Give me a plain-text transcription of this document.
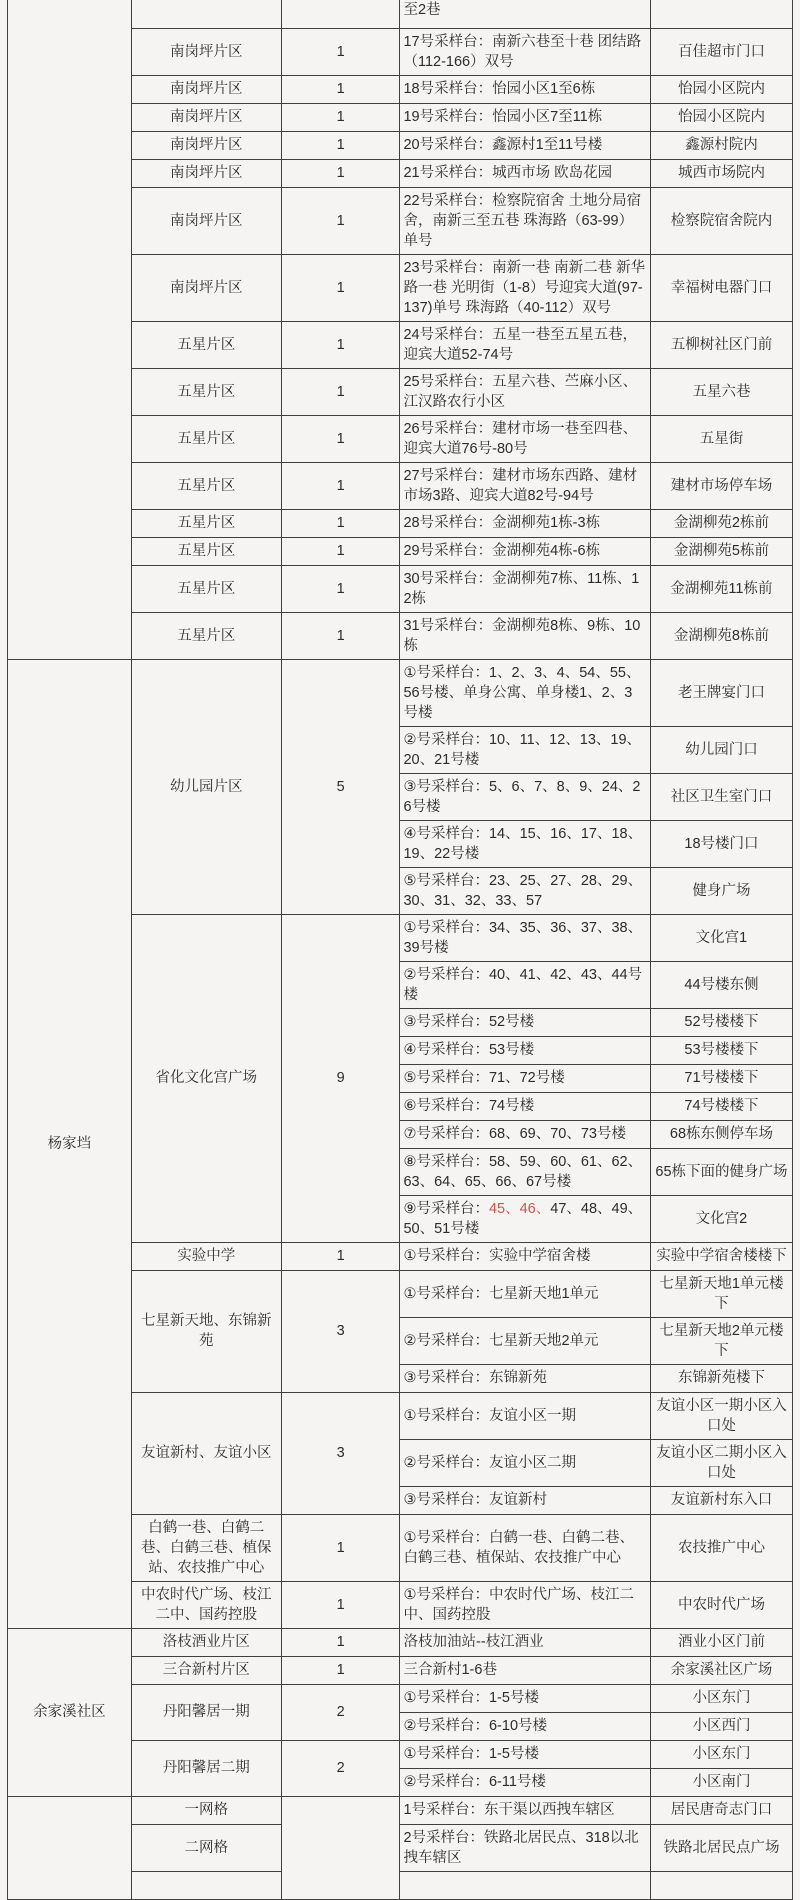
			至2巷	
	南岗坪片区	1	17号采样台：南新六巷至十巷 团结路（112-166）双号	百佳超市门口
	南岗坪片区	1	18号采样台：怡园小区1至6栋	怡园小区院内
	南岗坪片区	1	19号采样台：怡园小区7至11栋	怡园小区院内
	南岗坪片区	1	20号采样台：鑫源村1至11号楼	鑫源村院内
	南岗坪片区	1	21号采样台：城西市场 欧岛花园	城西市场院内
	南岗坪片区	1	22号采样台：检察院宿舍 土地分局宿舍，南新三至五巷 珠海路（63-99）单号	检察院宿舍院内
	南岗坪片区	1	23号采样台：南新一巷 南新二巷 新华路一巷 光明街（1-8）号迎宾大道(97-137)单号 珠海路（40-112）双号	幸福树电器门口
	五星片区	1	24号采样台：五星一巷至五星五巷，迎宾大道52-74号	五柳树社区门前
	五星片区	1	25号采样台：五星六巷、苎麻小区、江汉路农行小区	五星六巷
	五星片区	1	26号采样台：建材市场一巷至四巷、迎宾大道76号-80号	五星街
	五星片区	1	27号采样台：建材市场东西路、建材市场3路、迎宾大道82号-94号	建材市场停车场
	五星片区	1	28号采样台：金湖柳苑1栋-3栋	金湖柳苑2栋前
	五星片区	1	29号采样台：金湖柳苑4栋-6栋	金湖柳苑5栋前
	五星片区	1	30号采样台：金湖柳苑7栋、11栋、12栋	金湖柳苑11栋前
	五星片区	1	31号采样台：金湖柳苑8栋、9栋、10栋	金湖柳苑8栋前
杨家垱	幼儿园片区	5	①号采样台：1、2、3、4、54、55、56号楼、单身公寓、单身楼1、2、3号楼	老王牌宴门口
			②号采样台：10、11、12、13、19、20、21号楼	幼儿园门口
			③号采样台：5、6、7、8、9、24、26号楼	社区卫生室门口
			④号采样台：14、15、16、17、18、19、22号楼	18号楼门口
			⑤号采样台：23、25、27、28、29、30、31、32、33、57	健身广场
	省化文化宫广场	9	①号采样台：34、35、36、37、38、39号楼	文化宫1
			②号采样台：40、41、42、43、44号楼	44号楼东侧
			③号采样台：52号楼	52号楼楼下
			④号采样台：53号楼	53号楼楼下
			⑤号采样台：71、72号楼	71号楼楼下
			⑥号采样台：74号楼	74号楼楼下
			⑦号采样台：68、69、70、73号楼	68栋东侧停车场
			⑧号采样台：58、59、60、61、62、63、64、65、66、67号楼	65栋下面的健身广场
			⑨号采样台：45、46、47、48、49、50、51号楼	文化宫2
	实验中学	1	①号采样台：实验中学宿舍楼	实验中学宿舍楼楼下
	七星新天地、东锦新苑	3	①号采样台：七星新天地1单元	七星新天地1单元楼下
			②号采样台：七星新天地2单元	七星新天地2单元楼下
			③号采样台：东锦新苑	东锦新苑楼下
	友谊新村、友谊小区	3	①号采样台：友谊小区一期	友谊小区一期小区入口处
			②号采样台：友谊小区二期	友谊小区二期小区入口处
			③号采样台：友谊新村	友谊新村东入口
	白鹤一巷、白鹤二巷、白鹤三巷、植保站、农技推广中心	1	①号采样台：白鹤一巷、白鹤二巷、白鹤三巷、植保站、农技推广中心	农技推广中心
	中农时代广场、枝江二中、国药控股	1	①号采样台：中农时代广场、枝江二中、国药控股	中农时代广场
余家溪社区	洛枝酒业片区	1	洛枝加油站--枝江酒业	酒业小区门前
	三合新村片区	1	三合新村1-6巷	余家溪社区广场
	丹阳馨居一期	2	①号采样台：1-5号楼	小区东门
			②号采样台：6-10号楼	小区西门
	丹阳馨居二期	2	①号采样台：1-5号楼	小区东门
			②号采样台：6-11号楼	小区南门
	一网格		1号采样台：东干渠以西拽车辖区	居民唐奇志门口
	二网格		2号采样台：铁路北居民点、318以北拽车辖区	铁路北居民点广场
